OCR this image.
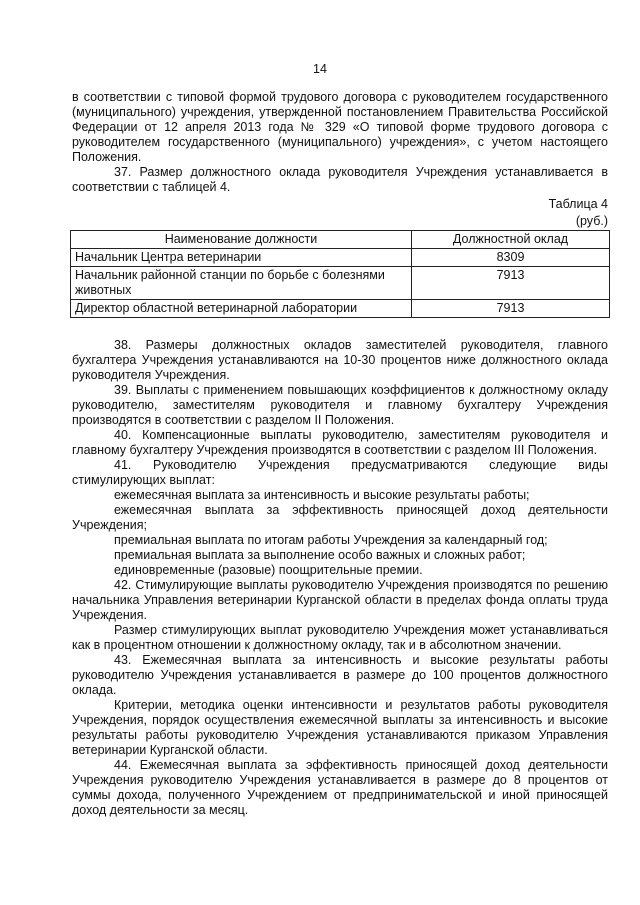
14

в соответствии с типовой формой трудового договора с руководителем государственного (муниципального) учреждения, утвержденной постановлением Правительства Российской Федерации от 12 апреля 2013 года № 329 «О типовой форме трудового договора с руководителем государственного (муниципального) учреждения», с учетом настоящего Положения.

37. Размер должностного оклада руководителя Учреждения устанавливается в соответствии с таблицей 4.

Таблица 4

(руб.)

Наименование должности	Должностной оклад
Начальник Центра ветеринарии	8309
Начальник районной станции по борьбе с болезнями животных	7913
Директор областной ветеринарной лаборатории	7913

38. Размеры должностных окладов заместителей руководителя, главного бухгалтера Учреждения устанавливаются на 10-30 процентов ниже должностного оклада руководителя Учреждения.

39. Выплаты с применением повышающих коэффициентов к должностному окладу руководителю, заместителям руководителя и главному бухгалтеру Учреждения производятся в соответствии с разделом II Положения.

40. Компенсационные выплаты руководителю, заместителям руководителя и главному бухгалтеру Учреждения производятся в соответствии с разделом III Положения.

41. Руководителю Учреждения предусматриваются следующие виды стимулирующих выплат:

ежемесячная выплата за интенсивность и высокие результаты работы;

ежемесячная выплата за эффективность приносящей доход деятельности Учреждения;

премиальная выплата по итогам работы Учреждения за календарный год;

премиальная выплата за выполнение особо важных и сложных работ;

единовременные (разовые) поощрительные премии.

42. Стимулирующие выплаты руководителю Учреждения производятся по решению начальника Управления ветеринарии Курганской области в пределах фонда оплаты труда Учреждения.

Размер стимулирующих выплат руководителю Учреждения может устанавливаться как в процентном отношении к должностному окладу, так и в абсолютном значении.

43. Ежемесячная выплата за интенсивность и высокие результаты работы руководителю Учреждения устанавливается в размере до 100 процентов должностного оклада.

Критерии, методика оценки интенсивности и результатов работы руководителя Учреждения, порядок осуществления ежемесячной выплаты за интенсивность и высокие результаты работы руководителю Учреждения устанавливаются приказом Управления ветеринарии Курганской области.

44. Ежемесячная выплата за эффективность приносящей доход деятельности Учреждения руководителю Учреждения устанавливается в размере до 8 процентов от суммы дохода, полученного Учреждением от предпринимательской и иной приносящей доход деятельности за месяц.
